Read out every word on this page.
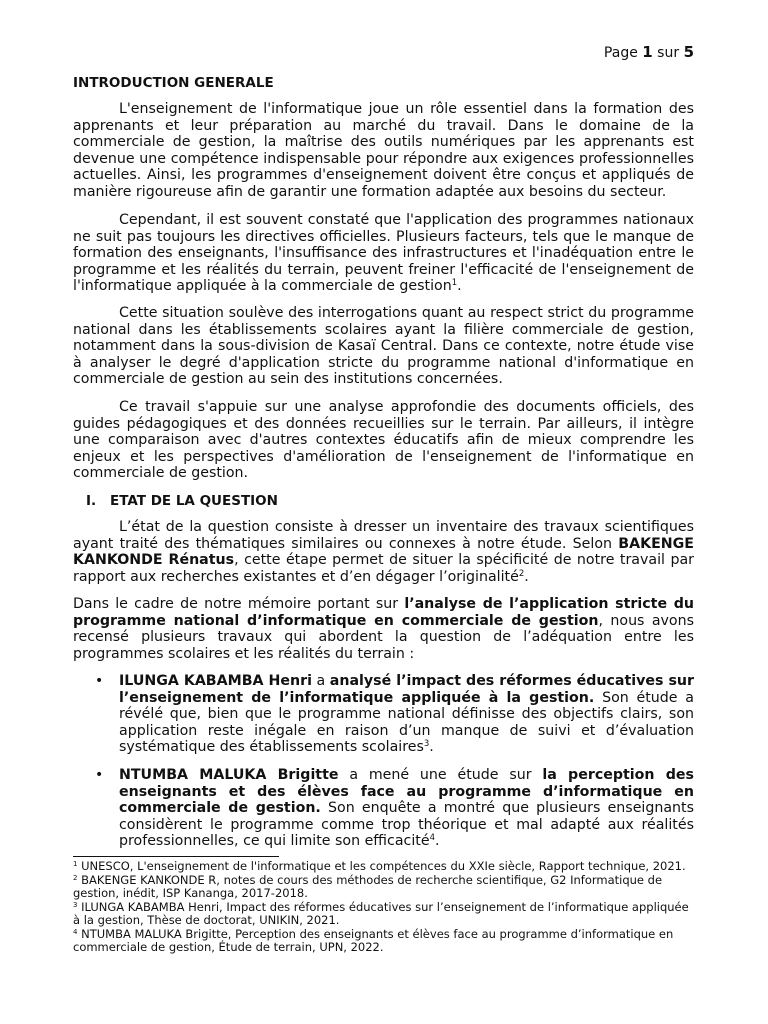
Page 1 sur 5
INTRODUCTION GENERALE

L'enseignement de l'informatique joue un rôle essentiel dans la formation des apprenants et leur préparation au marché du travail. Dans le domaine de la commerciale de gestion, la maîtrise des outils numériques par les apprenants est devenue une compétence indispensable pour répondre aux exigences professionnelles actuelles. Ainsi, les programmes d'enseignement doivent être conçus et appliqués de manière rigoureuse afin de garantir une formation adaptée aux besoins du secteur.

Cependant, il est souvent constaté que l'application des programmes nationaux ne suit pas toujours les directives officielles. Plusieurs facteurs, tels que le manque de formation des enseignants, l'insuffisance des infrastructures et l'inadéquation entre le programme et les réalités du terrain, peuvent freiner l'efficacité de l'enseignement de l'informatique appliquée à la commerciale de gestion$^1$.

Cette situation soulève des interrogations quant au respect strict du programme national dans les établissements scolaires ayant la filière commerciale de gestion, notamment dans la sous-division de Kasaï Central. Dans ce contexte, notre étude vise à analyser le degré d'application stricte du programme national d'informatique en commerciale de gestion au sein des institutions concernées.

Ce travail s'appuie sur une analyse approfondie des documents officiels, des guides pédagogiques et des données recueillies sur le terrain. Par ailleurs, il intègre une comparaison avec d'autres contextes éducatifs afin de mieux comprendre les enjeux et les perspectives d'amélioration de l'enseignement de l'informatique en commerciale de gestion.

I. ETAT DE LA QUESTION

L’état de la question consiste à dresser un inventaire des travaux scientifiques ayant traité des thématiques similaires ou connexes à notre étude. Selon BAKENGE KANKONDE Rénatus, cette étape permet de situer la spécificité de notre travail par rapport aux recherches existantes et d’en dégager l’originalité$^2$.

Dans le cadre de notre mémoire portant sur l’analyse de l’application stricte du programme national d’informatique en commerciale de gestion, nous avons recensé plusieurs travaux qui abordent la question de l’adéquation entre les programmes scolaires et les réalités du terrain :

• ILUNGA KABAMBA Henri a analysé l’impact des réformes éducatives sur l’enseignement de l’informatique appliquée à la gestion. Son étude a révélé que, bien que le programme national définisse des objectifs clairs, son application reste inégale en raison d’un manque de suivi et d’évaluation systématique des établissements scolaires$^3$.

• NTUMBA MALUKA Brigitte a mené une étude sur la perception des enseignants et des élèves face au programme d’informatique en commerciale de gestion. Son enquête a montré que plusieurs enseignants considèrent le programme comme trop théorique et mal adapté aux réalités professionnelles, ce qui limite son efficacité$^4$.

$^1$ UNESCO, L'enseignement de l'informatique et les compétences du XXIe siècle, Rapport technique, 2021.
$^2$ BAKENGE KANKONDE R, notes de cours des méthodes de recherche scientifique, G2 Informatique de gestion, inédit, ISP Kananga, 2017-2018.
$^3$ ILUNGA KABAMBA Henri, Impact des réformes éducatives sur l’enseignement de l’informatique appliquée à la gestion, Thèse de doctorat, UNIKIN, 2021.
$^4$ NTUMBA MALUKA Brigitte, Perception des enseignants et élèves face au programme d’informatique en commerciale de gestion, Étude de terrain, UPN, 2022.
